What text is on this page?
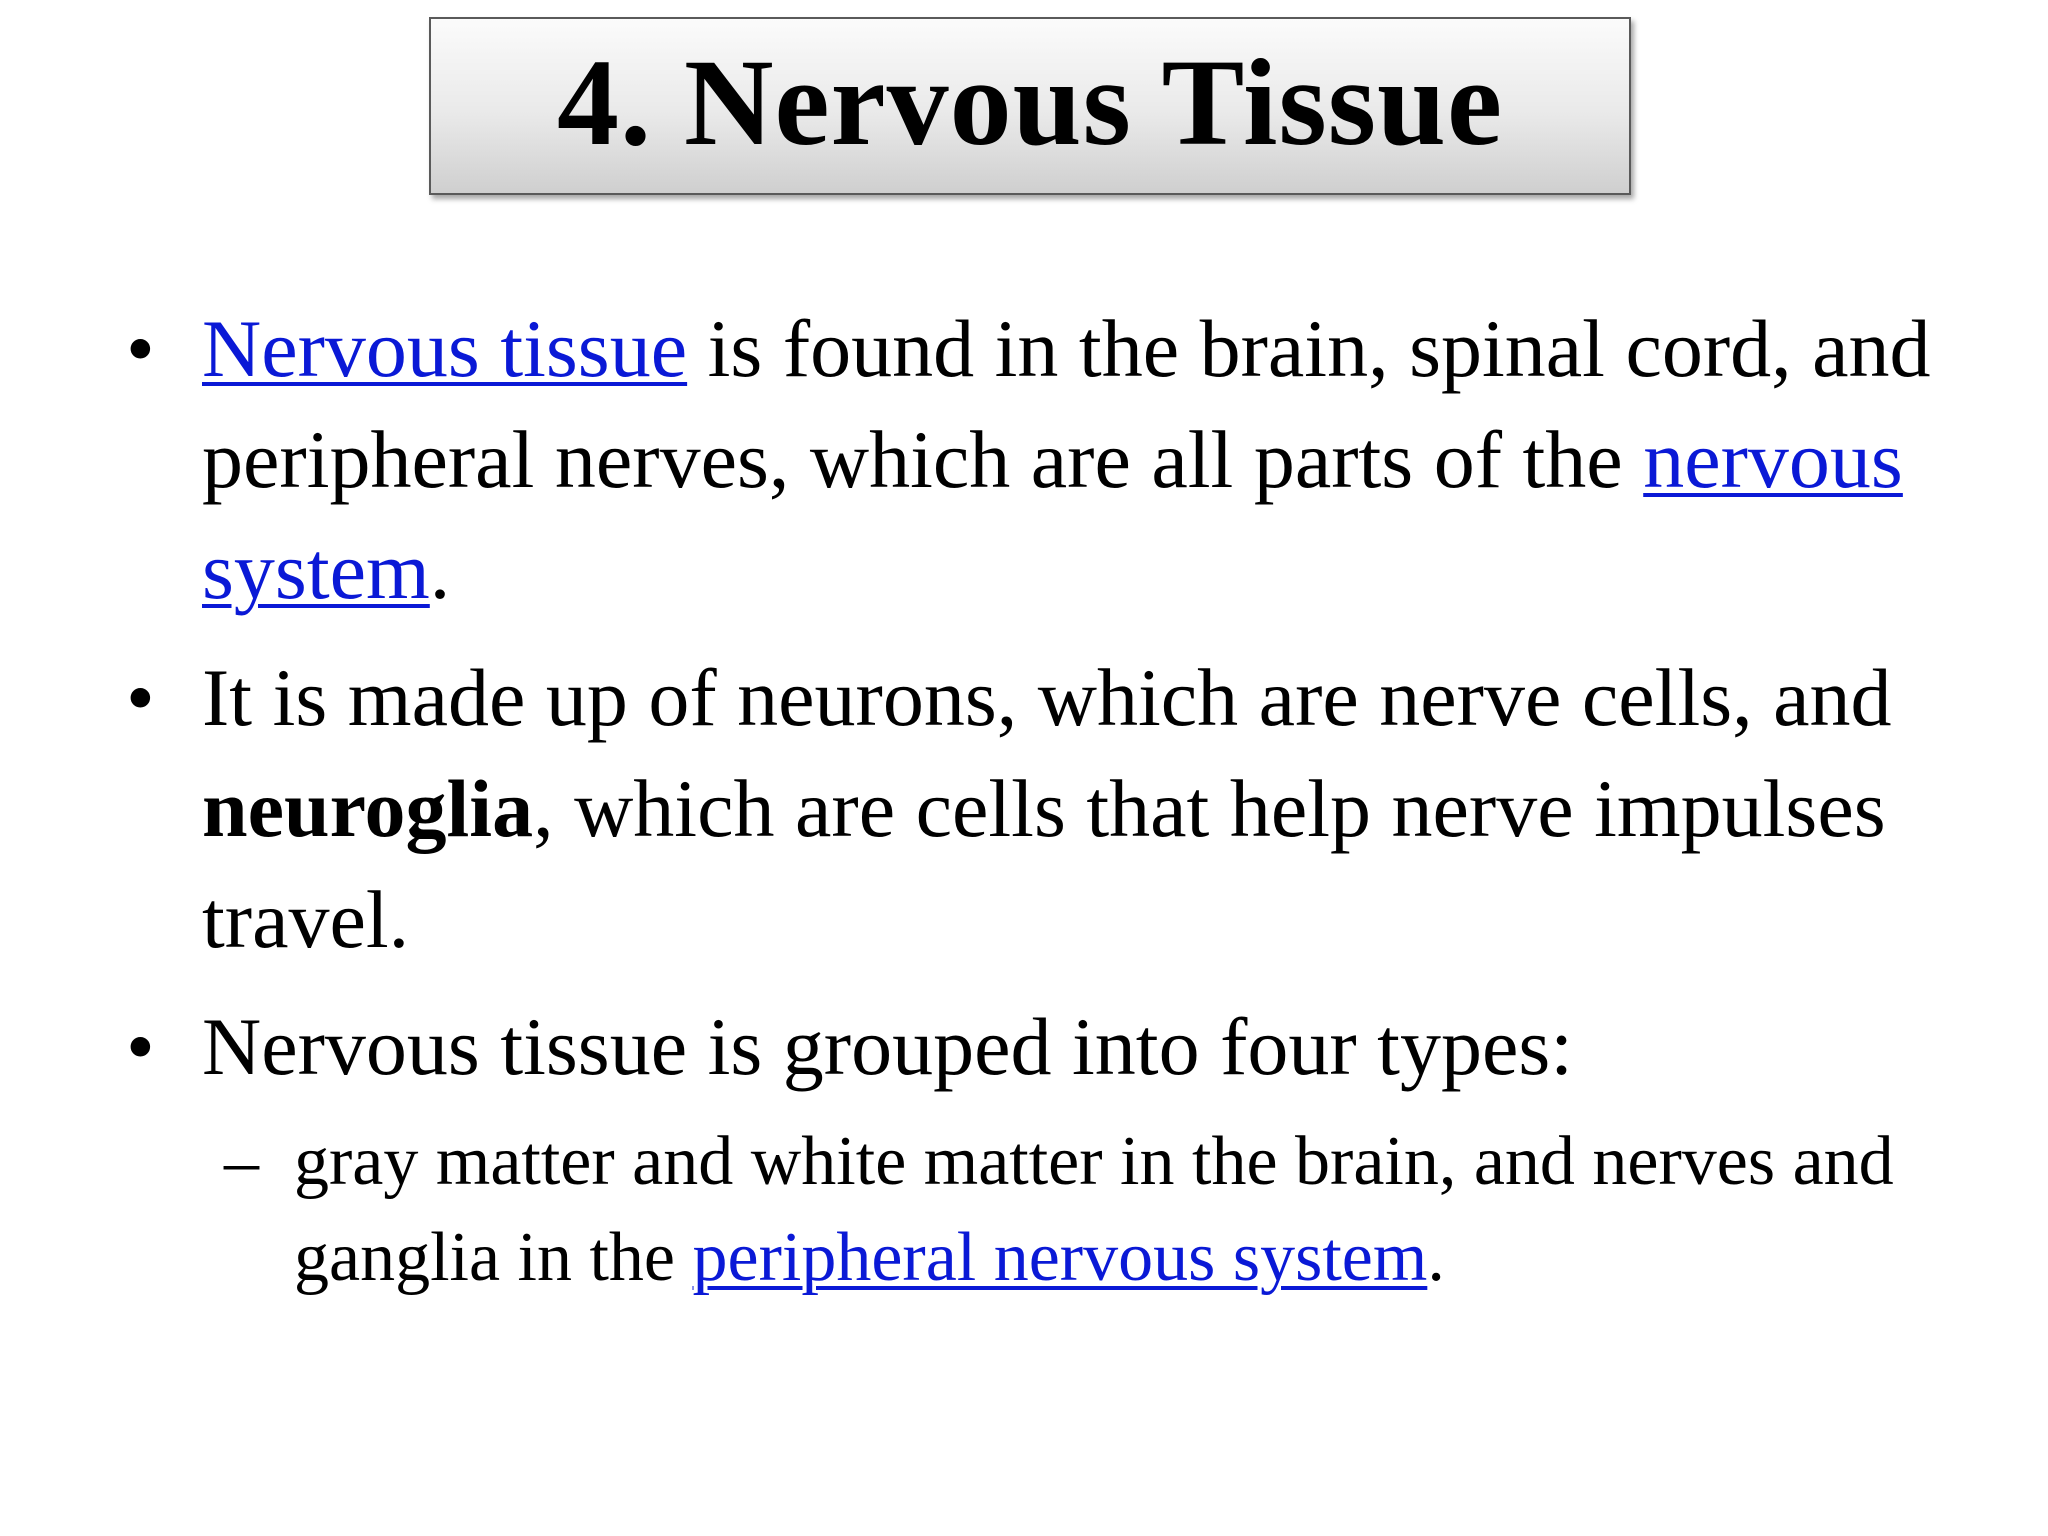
4. Nervous Tissue
• Nervous tissue is found in the brain, spinal cord, and peripheral nerves, which are all parts of the nervous system.
• It is made up of neurons, which are nerve cells, and neuroglia, which are cells that help nerve impulses travel.
• Nervous tissue is grouped into four types:
– gray matter and white matter in the brain, and nerves and ganglia in the peripheral nervous system.
